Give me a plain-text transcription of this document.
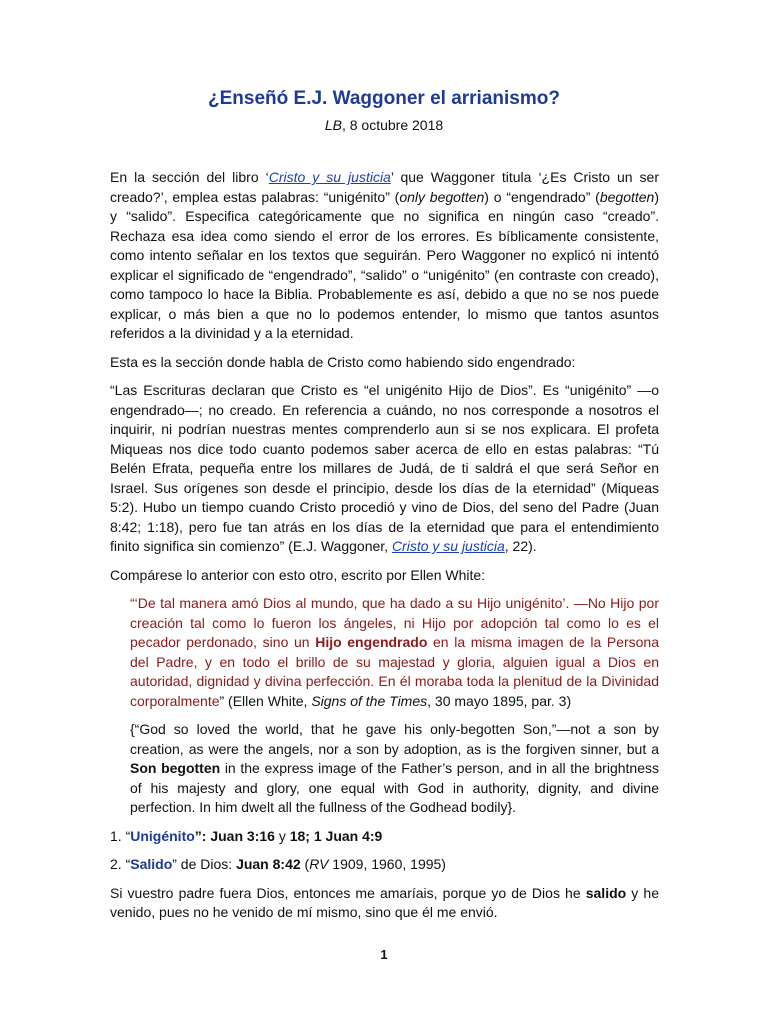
¿Enseñó E.J. Waggoner el arrianismo?

LB, 8 octubre 2018

En la sección del libro ‘Cristo y su justicia’ que Waggoner titula ‘¿Es Cristo un ser creado?’, emplea estas palabras: “unigénito” (only begotten) o “engendrado” (begotten) y “salido”. Especifica categóricamente que no significa en ningún caso “creado”. Rechaza esa idea como siendo el error de los errores. Es bíblicamente consistente, como intento señalar en los textos que seguirán. Pero Waggoner no explicó ni intentó explicar el significado de “engendrado”, “salido” o “unigénito” (en contraste con creado), como tampoco lo hace la Biblia. Probablemente es así, debido a que no se nos puede explicar, o más bien a que no lo podemos entender, lo mismo que tantos asuntos referidos a la divinidad y a la eternidad.

Esta es la sección donde habla de Cristo como habiendo sido engendrado:

“Las Escrituras declaran que Cristo es “el unigénito Hijo de Dios”. Es “unigénito” —o engendrado—; no creado. En referencia a cuándo, no nos corresponde a nosotros el inquirir, ni podrían nuestras mentes comprenderlo aun si se nos explicara. El profeta Miqueas nos dice todo cuanto podemos saber acerca de ello en estas palabras: “Tú Belén Efrata, pequeña entre los millares de Judá, de ti saldrá el que será Señor en Israel. Sus orígenes son desde el principio, desde los días de la eternidad” (Miqueas 5:2). Hubo un tiempo cuando Cristo procedió y vino de Dios, del seno del Padre (Juan 8:42; 1:18), pero fue tan atrás en los días de la eternidad que para el entendimiento finito significa sin comienzo” (E.J. Waggoner, Cristo y su justicia, 22).

Compárese lo anterior con esto otro, escrito por Ellen White:

“‘De tal manera amó Dios al mundo, que ha dado a su Hijo unigénito’. —No Hijo por creación tal como lo fueron los ángeles, ni Hijo por adopción tal como lo es el pecador perdonado, sino un Hijo engendrado en la misma imagen de la Persona del Padre, y en todo el brillo de su majestad y gloria, alguien igual a Dios en autoridad, dignidad y divina perfección. En él moraba toda la plenitud de la Divinidad corporalmente” (Ellen White, Signs of the Times, 30 mayo 1895, par. 3)

{“God so loved the world, that he gave his only-begotten Son,”—not a son by creation, as were the angels, nor a son by adoption, as is the forgiven sinner, but a Son begotten in the express image of the Father’s person, and in all the brightness of his majesty and glory, one equal with God in authority, dignity, and divine perfection. In him dwelt all the fullness of the Godhead bodily}.

1. “Unigénito”: Juan 3:16 y 18; 1 Juan 4:9

2. “Salido” de Dios: Juan 8:42 (RV 1909, 1960, 1995)

Si vuestro padre fuera Dios, entonces me amaríais, porque yo de Dios he salido y he venido, pues no he venido de mí mismo, sino que él me envió.

1
